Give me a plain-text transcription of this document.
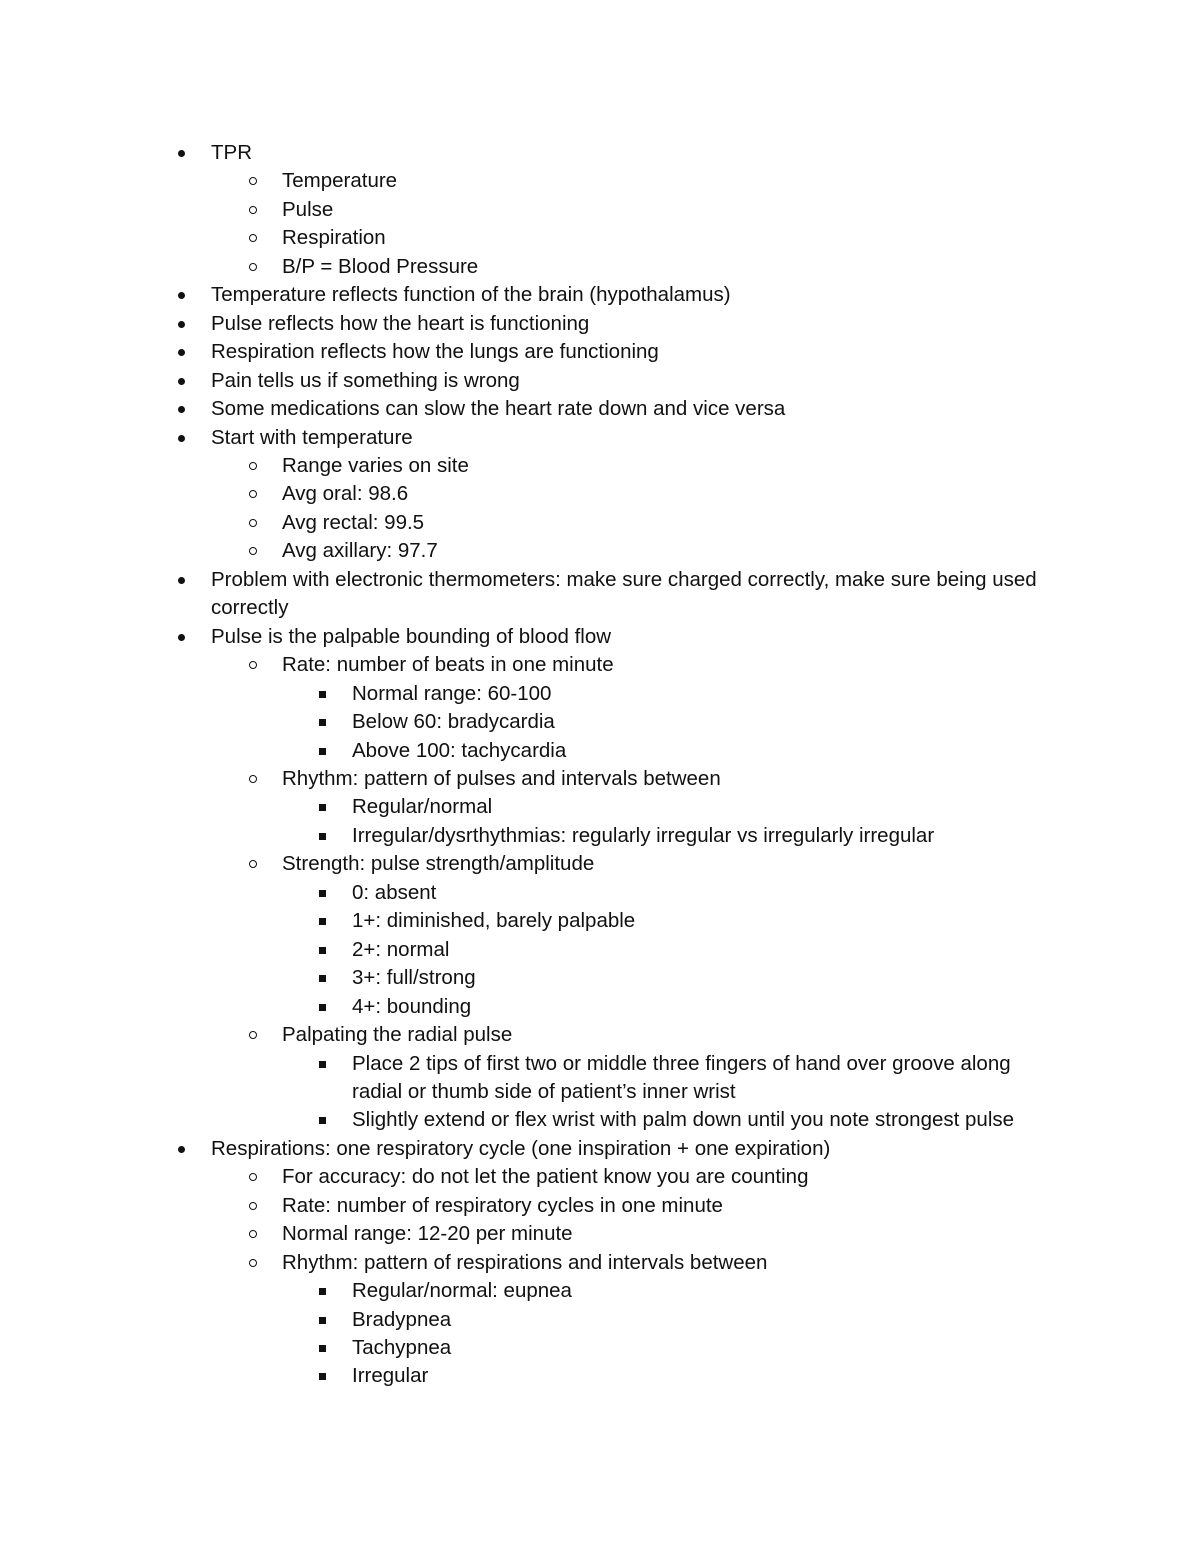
TPR
Temperature
Pulse
Respiration
B/P = Blood Pressure
Temperature reflects function of the brain (hypothalamus)
Pulse reflects how the heart is functioning
Respiration reflects how the lungs are functioning
Pain tells us if something is wrong
Some medications can slow the heart rate down and vice versa
Start with temperature
Range varies on site
Avg oral: 98.6
Avg rectal: 99.5
Avg axillary: 97.7
Problem with electronic thermometers: make sure charged correctly, make sure being used correctly
Pulse is the palpable bounding of blood flow
Rate: number of beats in one minute
Normal range: 60-100
Below 60: bradycardia
Above 100: tachycardia
Rhythm: pattern of pulses and intervals between
Regular/normal
Irregular/dysrthythmias: regularly irregular vs irregularly irregular
Strength: pulse strength/amplitude
0: absent
1+: diminished, barely palpable
2+: normal
3+: full/strong
4+: bounding
Palpating the radial pulse
Place 2 tips of first two or middle three fingers of hand over groove along radial or thumb side of patient’s inner wrist
Slightly extend or flex wrist with palm down until you note strongest pulse
Respirations: one respiratory cycle (one inspiration + one expiration)
For accuracy: do not let the patient know you are counting
Rate: number of respiratory cycles in one minute
Normal range: 12-20 per minute
Rhythm: pattern of respirations and intervals between
Regular/normal: eupnea
Bradypnea
Tachypnea
Irregular
